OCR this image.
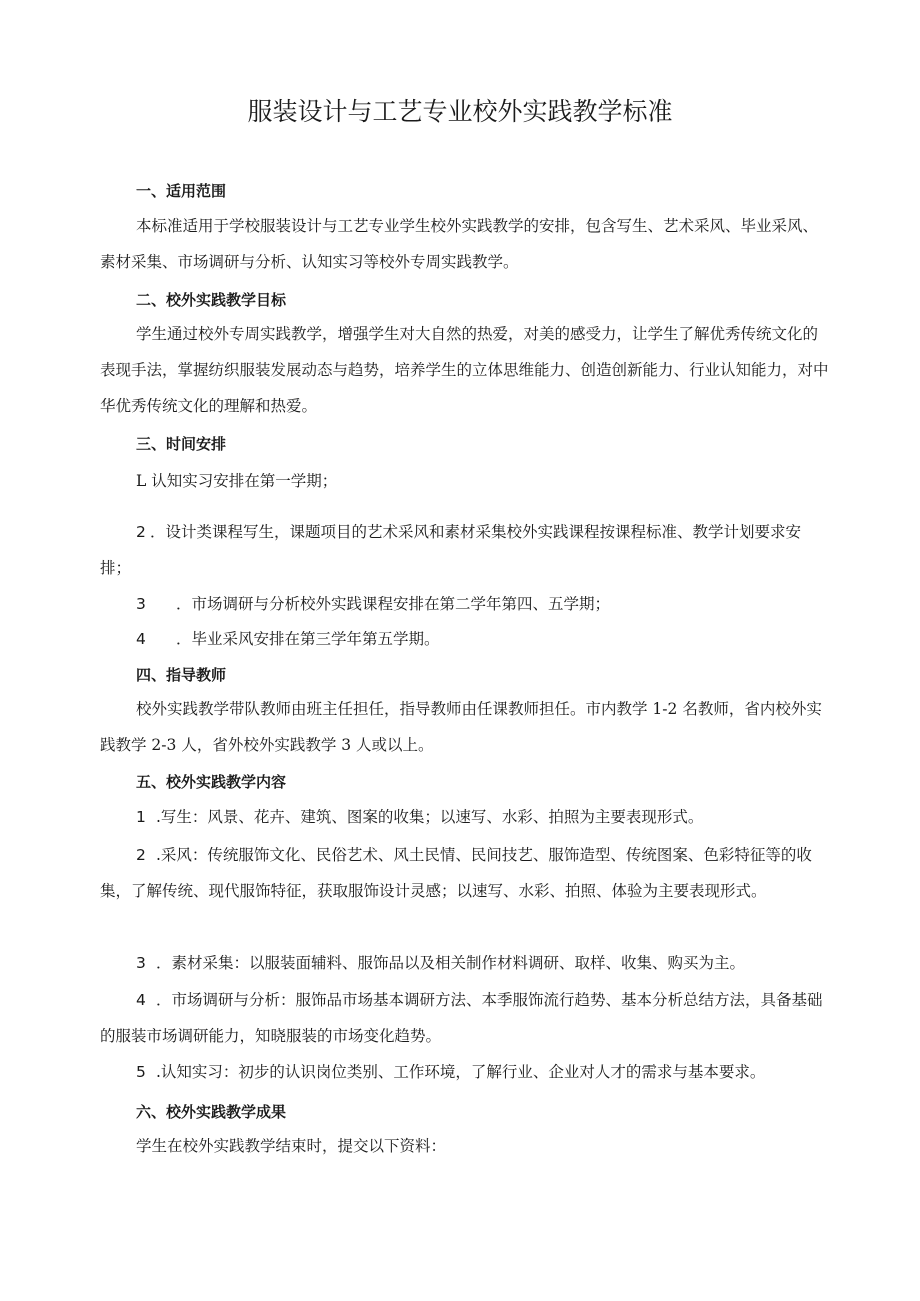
服装设计与工艺专业校外实践教学标准
一、适用范围
本标准适用于学校服装设计与工艺专业学生校外实践教学的安排，包含写生、艺术采风、毕业采风、素材采集、市场调研与分析、认知实习等校外专周实践教学。
二、校外实践教学目标
学生通过校外专周实践教学，增强学生对大自然的热爱，对美的感受力，让学生了解优秀传统文化的表现手法，掌握纺织服装发展动态与趋势，培养学生的立体思维能力、创造创新能力、行业认知能力，对中华优秀传统文化的理解和热爱。
三、时间安排
L 认知实习安排在第一学期；
2 ．设计类课程写生，课题项目的艺术采风和素材采集校外实践课程按课程标准、教学计划要求安排；
3 ．市场调研与分析校外实践课程安排在第二学年第四、五学期；
4 ．毕业采风安排在第三学年第五学期。
四、指导教师
校外实践教学带队教师由班主任担任，指导教师由任课教师担任。市内教学 1-2 名教师，省内校外实践教学 2-3 人，省外校外实践教学 3 人或以上。
五、校外实践教学内容
1 .写生：风景、花卉、建筑、图案的收集；以速写、水彩、拍照为主要表现形式。
2 .采风：传统服饰文化、民俗艺术、风土民情、民间技艺、服饰造型、传统图案、色彩特征等的收集，了解传统、现代服饰特征，获取服饰设计灵感；以速写、水彩、拍照、体验为主要表现形式。
3 ．素材采集：以服装面辅料、服饰品以及相关制作材料调研、取样、收集、购买为主。
4 ．市场调研与分析：服饰品市场基本调研方法、本季服饰流行趋势、基本分析总结方法，具备基础的服装市场调研能力，知晓服装的市场变化趋势。
5 .认知实习：初步的认识岗位类别、工作环境，了解行业、企业对人才的需求与基本要求。
六、校外实践教学成果
学生在校外实践教学结束时，提交以下资料：
